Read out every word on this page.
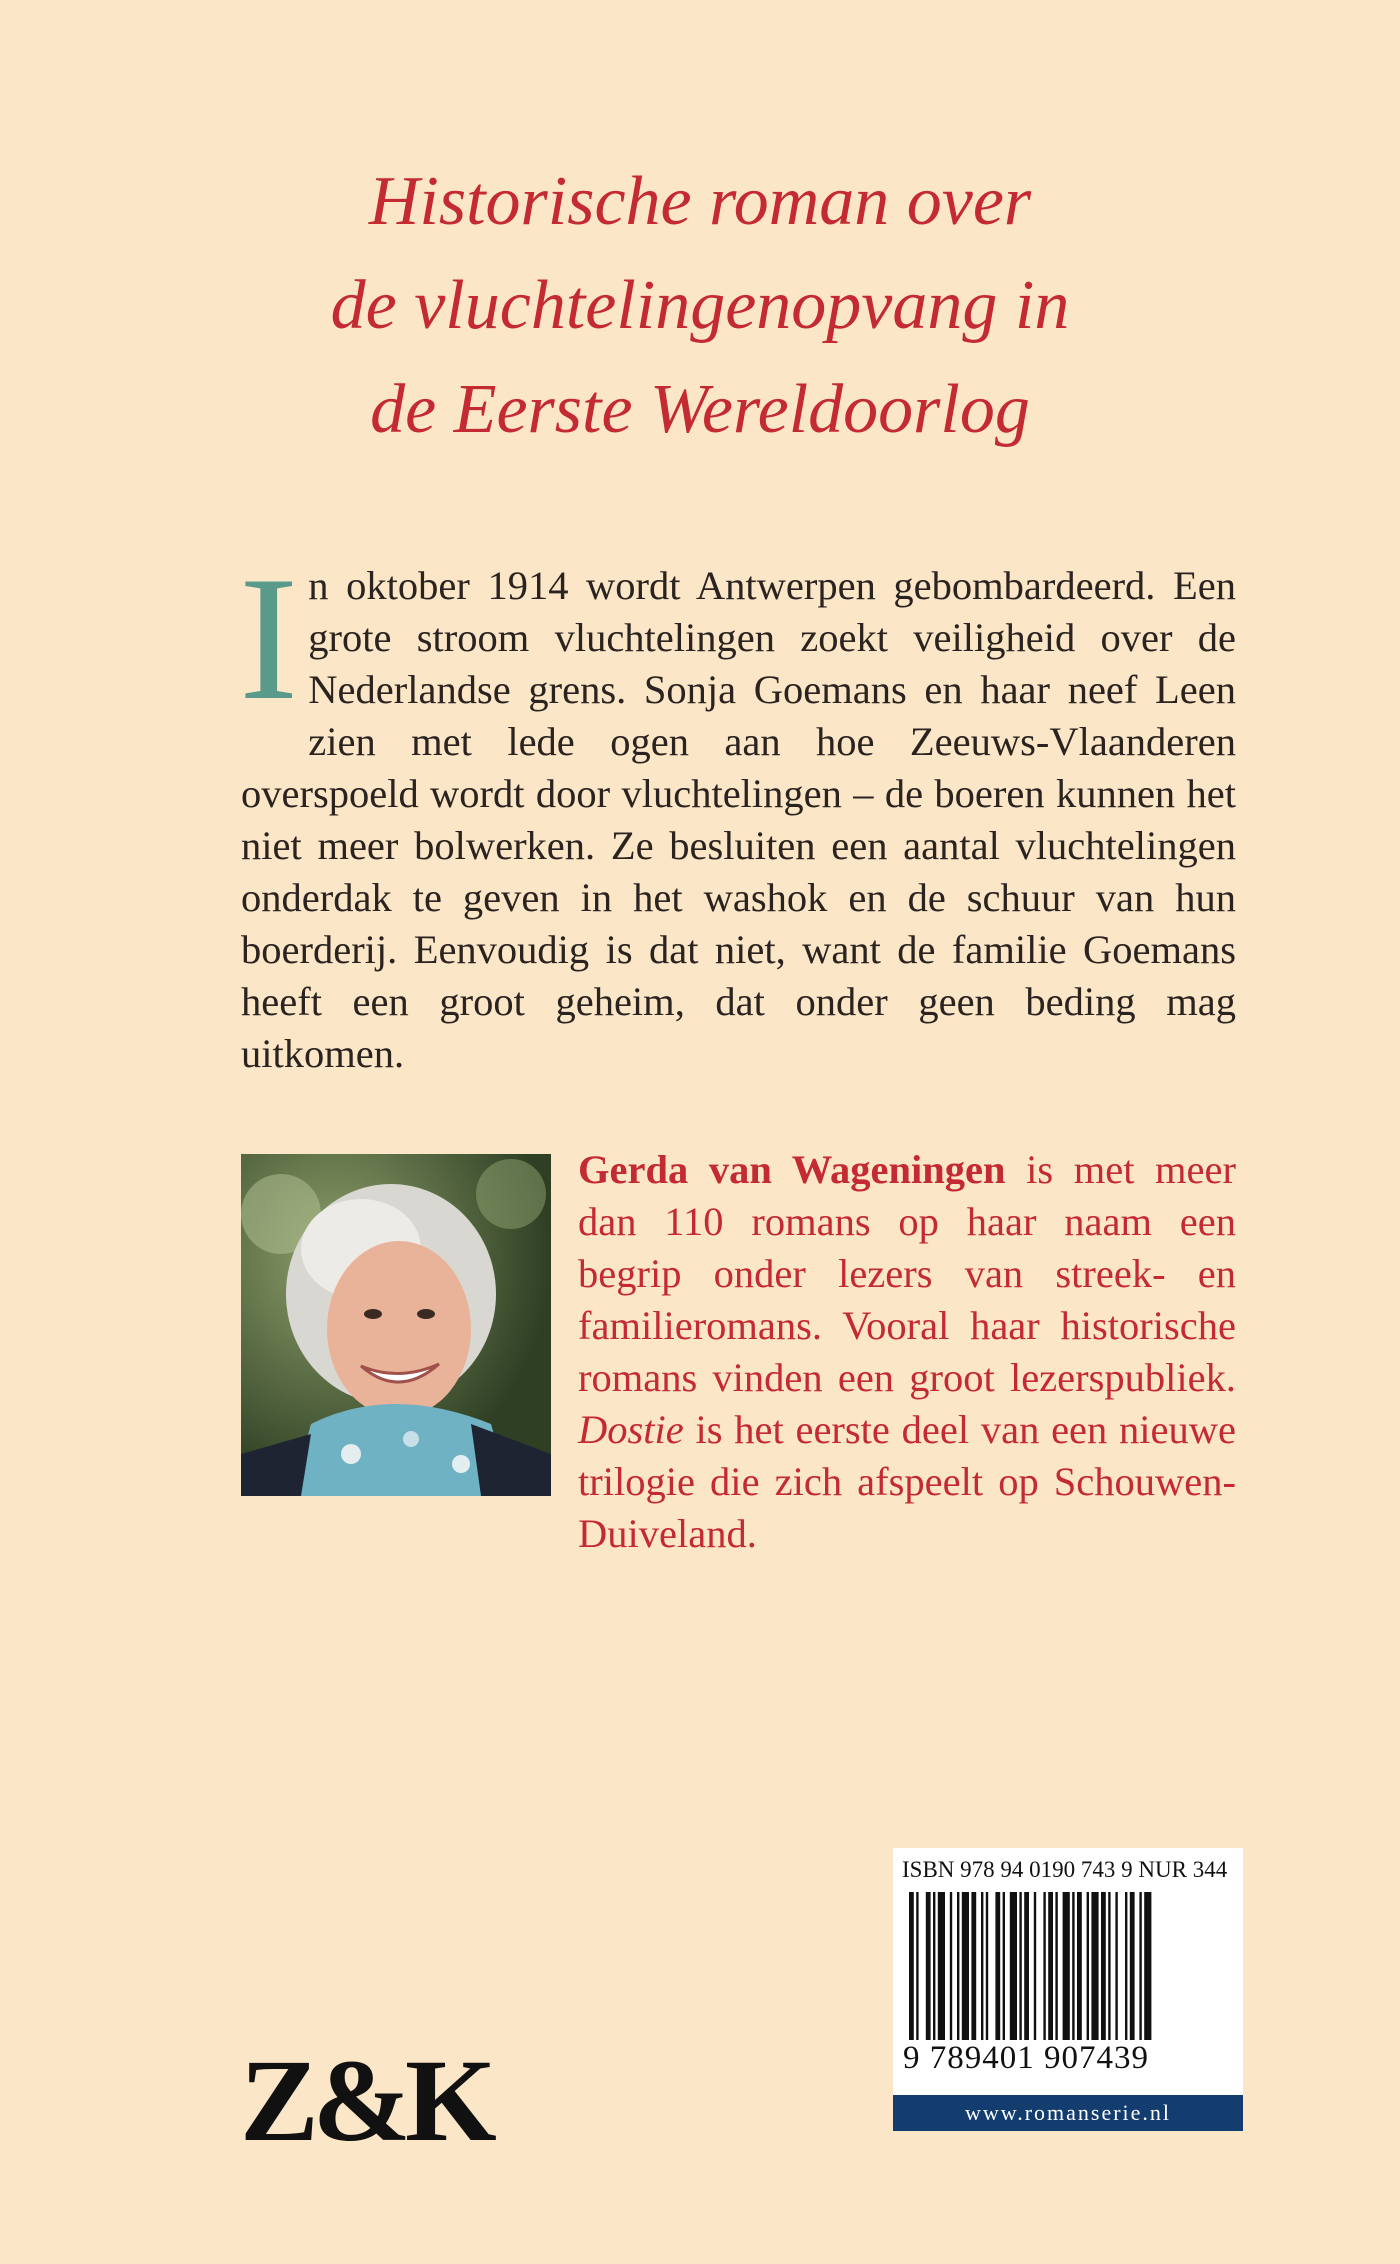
Historische roman over
de vluchtelingenopvang in
de Eerste Wereldoorlog
I n oktober 1914 wordt Antwerpen gebombardeerd. Een grote stroom vluchtelingen zoekt veiligheid over de Nederlandse grens. Sonja Goemans en haar neef Leen zien met lede ogen aan hoe Zeeuws-Vlaanderen overspoeld wordt door vluchtelingen – de boeren kunnen het niet meer bolwerken. Ze besluiten een aantal vluchtelingen onderdak te geven in het washok en de schuur van hun boerderij. Eenvoudig is dat niet, want de familie Goemans heeft een groot geheim, dat onder geen beding mag uitkomen.

Gerda van Wageningen is met meer dan 110 romans op haar naam een begrip onder lezers van streek- en familieromans. Vooral haar historische romans vinden een groot lezerspubliek. Dostie is het eerste deel van een nieuwe trilogie die zich afspeelt op Schouwen-Duiveland.

ISBN 978 94 0190 743 9 NUR 344
9 789401 907439
www.romanserie.nl
Z&K
